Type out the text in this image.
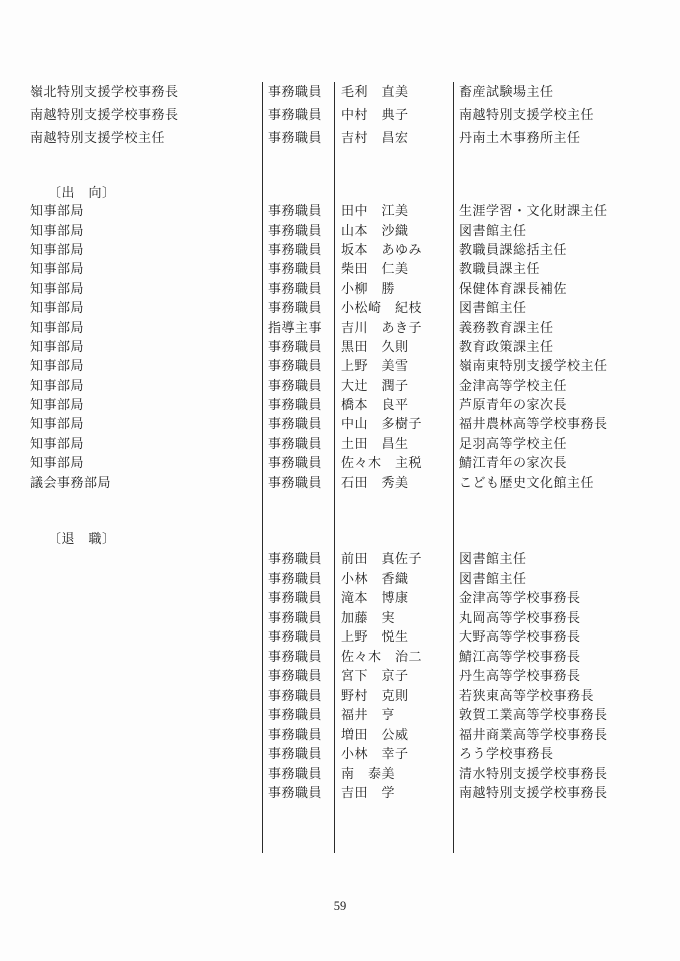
嶺北特別支援学校事務長	事務職員	毛利　直美	畜産試験場主任
南越特別支援学校事務長	事務職員	中村　典子	南越特別支援学校主任
南越特別支援学校主任	事務職員	吉村　昌宏	丹南土木事務所主任
〔出　向〕
知事部局	事務職員	田中　江美	生涯学習・文化財課主任
知事部局	事務職員	山本　沙織	図書館主任
知事部局	事務職員	坂本　あゆみ	教職員課総括主任
知事部局	事務職員	柴田　仁美	教職員課主任
知事部局	事務職員	小柳　勝	保健体育課長補佐
知事部局	事務職員	小松崎　紀枝	図書館主任
知事部局	指導主事	吉川　あき子	義務教育課主任
知事部局	事務職員	黒田　久則	教育政策課主任
知事部局	事務職員	上野　美雪	嶺南東特別支援学校主任
知事部局	事務職員	大辻　潤子	金津高等学校主任
知事部局	事務職員	橋本　良平	芦原青年の家次長
知事部局	事務職員	中山　多樹子	福井農林高等学校事務長
知事部局	事務職員	土田　昌生	足羽高等学校主任
知事部局	事務職員	佐々木　主税	鯖江青年の家次長
議会事務部局	事務職員	石田　秀美	こども歴史文化館主任
〔退　職〕
事務職員	前田　真佐子	図書館主任
事務職員	小林　香織	図書館主任
事務職員	滝本　博康	金津高等学校事務長
事務職員	加藤　実	丸岡高等学校事務長
事務職員	上野　悦生	大野高等学校事務長
事務職員	佐々木　治二	鯖江高等学校事務長
事務職員	宮下　京子	丹生高等学校事務長
事務職員	野村　克則	若狭東高等学校事務長
事務職員	福井　亨	敦賀工業高等学校事務長
事務職員	増田　公威	福井商業高等学校事務長
事務職員	小林　幸子	ろう学校事務長
事務職員	南　泰美	清水特別支援学校事務長
事務職員	吉田　学	南越特別支援学校事務長
59
